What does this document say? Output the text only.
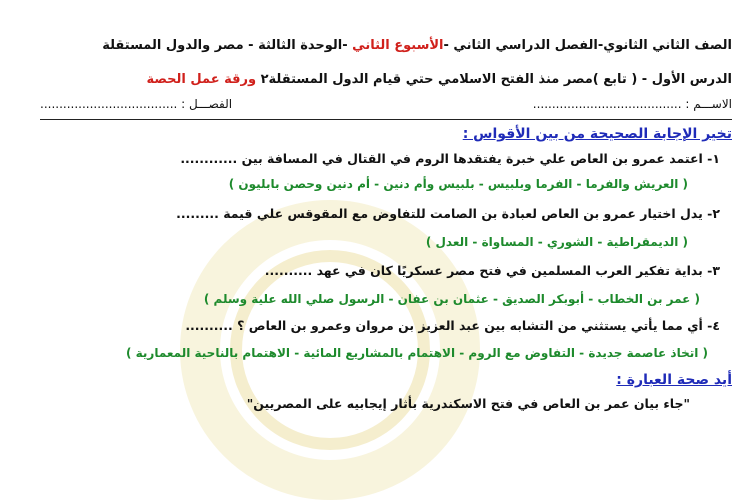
الصف الثاني الثانوي-الفصل الدراسي الثاني -الأسبوع الثاني -الوحدة الثالثة - مصر والدول المستقلة
الدرس الأول - ( تابع )مصر منذ الفتح الاسلامي حتي قيام الدول المستقلة٢ ورقة عمل الحصة
الاســـم : .......................................
الفصـــل : ....................................
تخير الإجابة الصحيحة من بين الأقواس :
١- اعتمد عمرو بن العاص علي خبرة يفتقدها الروم في القتال في المسافة بين ............
( العريش والفرما - الفرما وبلبيس - بلبيس وأم دنين - أم دنين وحصن بابليون )
٢- يدل اختيار عمرو بن العاص لعبادة بن الصامت للتفاوض مع المقوقس علي قيمة .........
( الديمقراطية - الشوري - المساواة - العدل )
٣- بداية تفكير العرب المسلمين في فتح مصر عسكريًا كان في عهد ..........
( عمر بن الخطاب - أبوبكر الصديق - عثمان بن عفان - الرسول صلي الله علية وسلم )
٤- أي مما يأتي يستثني من التشابه بين عبد العزيز بن مروان وعمرو بن العاص ؟ ..........
( اتخاذ عاصمة جديدة - التفاوض مع الروم - الاهتمام بالمشاريع المائية - الاهتمام بالناحية المعمارية )
أيد صحة العبارة :
"جاء بيان عمر بن العاص في فتح الاسكندرية بأثار إيجابيه على المصريين"
